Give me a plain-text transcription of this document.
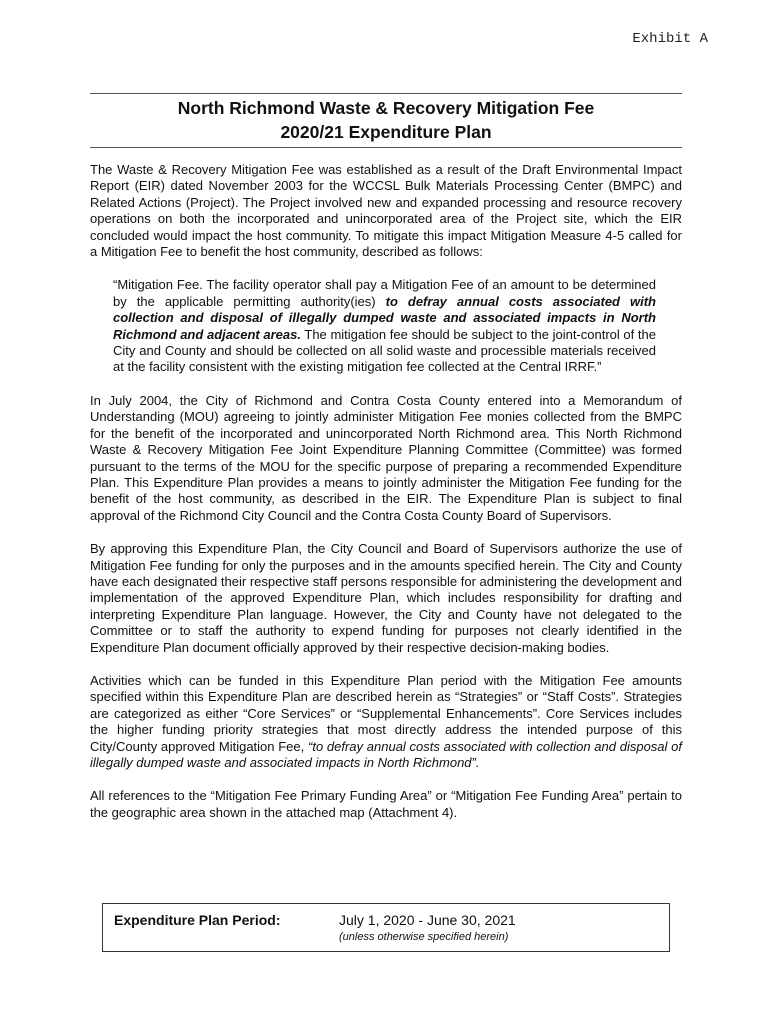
Exhibit A
North Richmond Waste & Recovery Mitigation Fee
2020/21 Expenditure Plan

The Waste & Recovery Mitigation Fee was established as a result of the Draft Environmental Impact Report (EIR) dated November 2003 for the WCCSL Bulk Materials Processing Center (BMPC) and Related Actions (Project). The Project involved new and expanded processing and resource recovery operations on both the incorporated and unincorporated area of the Project site, which the EIR concluded would impact the host community. To mitigate this impact Mitigation Measure 4-5 called for a Mitigation Fee to benefit the host community, described as follows:

“Mitigation Fee. The facility operator shall pay a Mitigation Fee of an amount to be determined by the applicable permitting authority(ies) to defray annual costs associated with collection and disposal of illegally dumped waste and associated impacts in North Richmond and adjacent areas. The mitigation fee should be subject to the joint-control of the City and County and should be collected on all solid waste and processible materials received at the facility consistent with the existing mitigation fee collected at the Central IRRF.”

In July 2004, the City of Richmond and Contra Costa County entered into a Memorandum of Understanding (MOU) agreeing to jointly administer Mitigation Fee monies collected from the BMPC for the benefit of the incorporated and unincorporated North Richmond area. This North Richmond Waste & Recovery Mitigation Fee Joint Expenditure Planning Committee (Committee) was formed pursuant to the terms of the MOU for the specific purpose of preparing a recommended Expenditure Plan. This Expenditure Plan provides a means to jointly administer the Mitigation Fee funding for the benefit of the host community, as described in the EIR. The Expenditure Plan is subject to final approval of the Richmond City Council and the Contra Costa County Board of Supervisors.

By approving this Expenditure Plan, the City Council and Board of Supervisors authorize the use of Mitigation Fee funding for only the purposes and in the amounts specified herein. The City and County have each designated their respective staff persons responsible for administering the development and implementation of the approved Expenditure Plan, which includes responsibility for drafting and interpreting Expenditure Plan language. However, the City and County have not delegated to the Committee or to staff the authority to expend funding for purposes not clearly identified in the Expenditure Plan document officially approved by their respective decision-making bodies.

Activities which can be funded in this Expenditure Plan period with the Mitigation Fee amounts specified within this Expenditure Plan are described herein as “Strategies” or “Staff Costs”. Strategies are categorized as either “Core Services” or “Supplemental Enhancements”. Core Services includes the higher funding priority strategies that most directly address the intended purpose of this City/County approved Mitigation Fee, “to defray annual costs associated with collection and disposal of illegally dumped waste and associated impacts in North Richmond”.

All references to the “Mitigation Fee Primary Funding Area” or “Mitigation Fee Funding Area” pertain to the geographic area shown in the attached map (Attachment 4).

Expenditure Plan Period:	July 1, 2020 - June 30, 2021
(unless otherwise specified herein)
